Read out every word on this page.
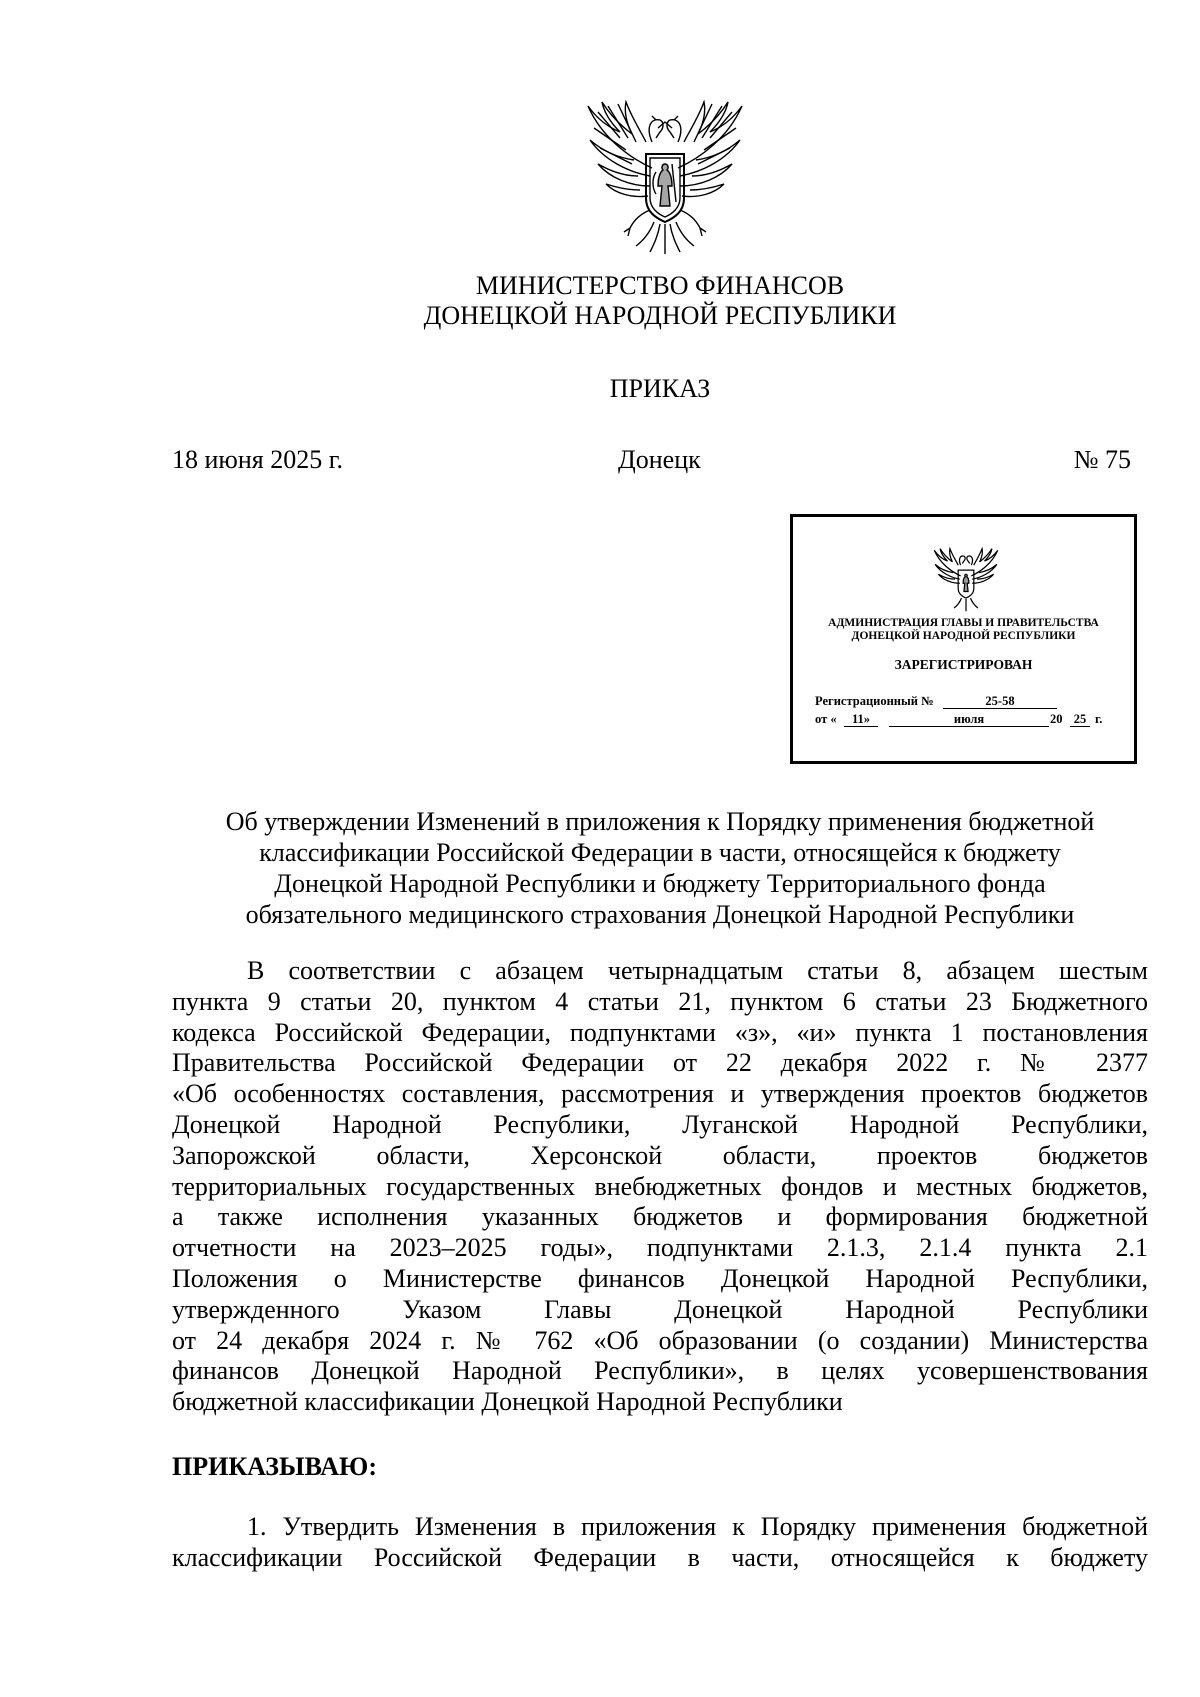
МИНИСТЕРСТВО ФИНАНСОВ
ДОНЕЦКОЙ НАРОДНОЙ РЕСПУБЛИКИ
ПРИКАЗ
18 июня 2025 г.	Донецк	№ 75
АДМИНИСТРАЦИЯ ГЛАВЫ И ПРАВИТЕЛЬСТВА
ДОНЕЦКОЙ НАРОДНОЙ РЕСПУБЛИКИ
ЗАРЕГИСТРИРОВАН
Регистрационный №	25-58
от «	11»	июля	20 25 г.
Об утверждении Изменений в приложения к Порядку применения бюджетной
классификации Российской Федерации в части, относящейся к бюджету
Донецкой Народной Республики и бюджету Территориального фонда
обязательного медицинского страхования Донецкой Народной Республики
В соответствии с абзацем четырнадцатым статьи 8, абзацем шестым
пункта 9 статьи 20, пунктом 4 статьи 21, пунктом 6 статьи 23 Бюджетного
кодекса Российской Федерации, подпунктами «з», «и» пункта 1 постановления
Правительства Российской Федерации от 22 декабря 2022 г. № 2377
«Об особенностях составления, рассмотрения и утверждения проектов бюджетов
Донецкой Народной Республики, Луганской Народной Республики,
Запорожской области, Херсонской области, проектов бюджетов
территориальных государственных внебюджетных фондов и местных бюджетов,
а также исполнения указанных бюджетов и формирования бюджетной
отчетности на 2023–2025 годы», подпунктами 2.1.3, 2.1.4 пункта 2.1
Положения о Министерстве финансов Донецкой Народной Республики,
утвержденного Указом Главы Донецкой Народной Республики
от 24 декабря 2024 г. № 762 «Об образовании (о создании) Министерства
финансов Донецкой Народной Республики», в целях усовершенствования
бюджетной классификации Донецкой Народной Республики
ПРИКАЗЫВАЮ:
1. Утвердить Изменения в приложения к Порядку применения бюджетной
классификации Российской Федерации в части, относящейся к бюджету
